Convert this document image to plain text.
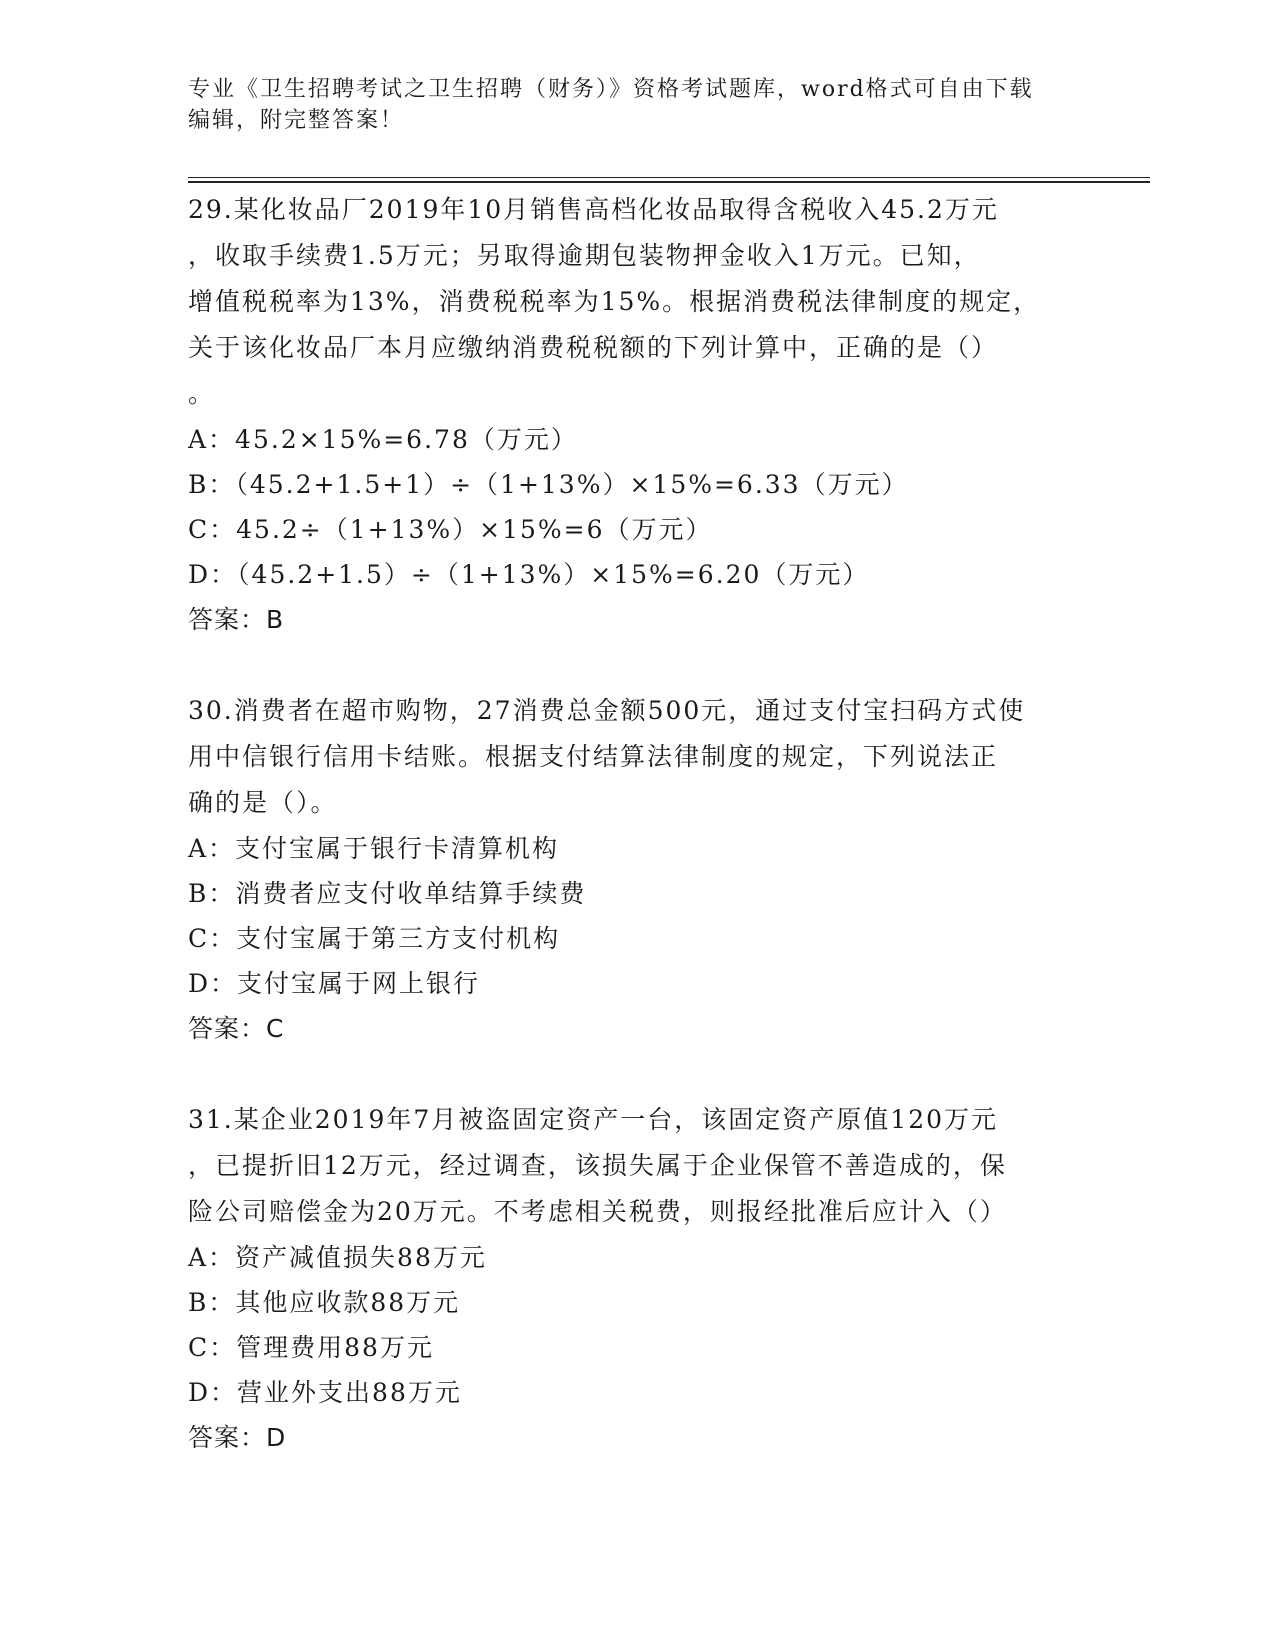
专业《卫生招聘考试之卫生招聘（财务）》资格考试题库，word格式可自由下载
编辑，附完整答案！
29.某化妆品厂2019年10月销售高档化妆品取得含税收入45.2万元
，收取手续费1.5万元；另取得逾期包装物押金收入1万元。已知，
增值税税率为13%，消费税税率为15%。根据消费税法律制度的规定，
关于该化妆品厂本月应缴纳消费税税额的下列计算中，正确的是（）
。
A：45.2×15%=6.78（万元）
B：（45.2+1.5+1）÷（1+13%）×15%=6.33（万元）
C：45.2÷（1+13%）×15%=6（万元）
D：（45.2+1.5）÷（1+13%）×15%=6.20（万元）
答案：B
30.消费者在超市购物，27消费总金额500元，通过支付宝扫码方式使
用中信银行信用卡结账。根据支付结算法律制度的规定，下列说法正
确的是（）。
A：支付宝属于银行卡清算机构
B：消费者应支付收单结算手续费
C：支付宝属于第三方支付机构
D：支付宝属于网上银行
答案：C
31.某企业2019年7月被盗固定资产一台，该固定资产原值120万元
，已提折旧12万元，经过调查，该损失属于企业保管不善造成的，保
险公司赔偿金为20万元。不考虑相关税费，则报经批准后应计入（）
A：资产减值损失88万元
B：其他应收款88万元
C：管理费用88万元
D：营业外支出88万元
答案：D
